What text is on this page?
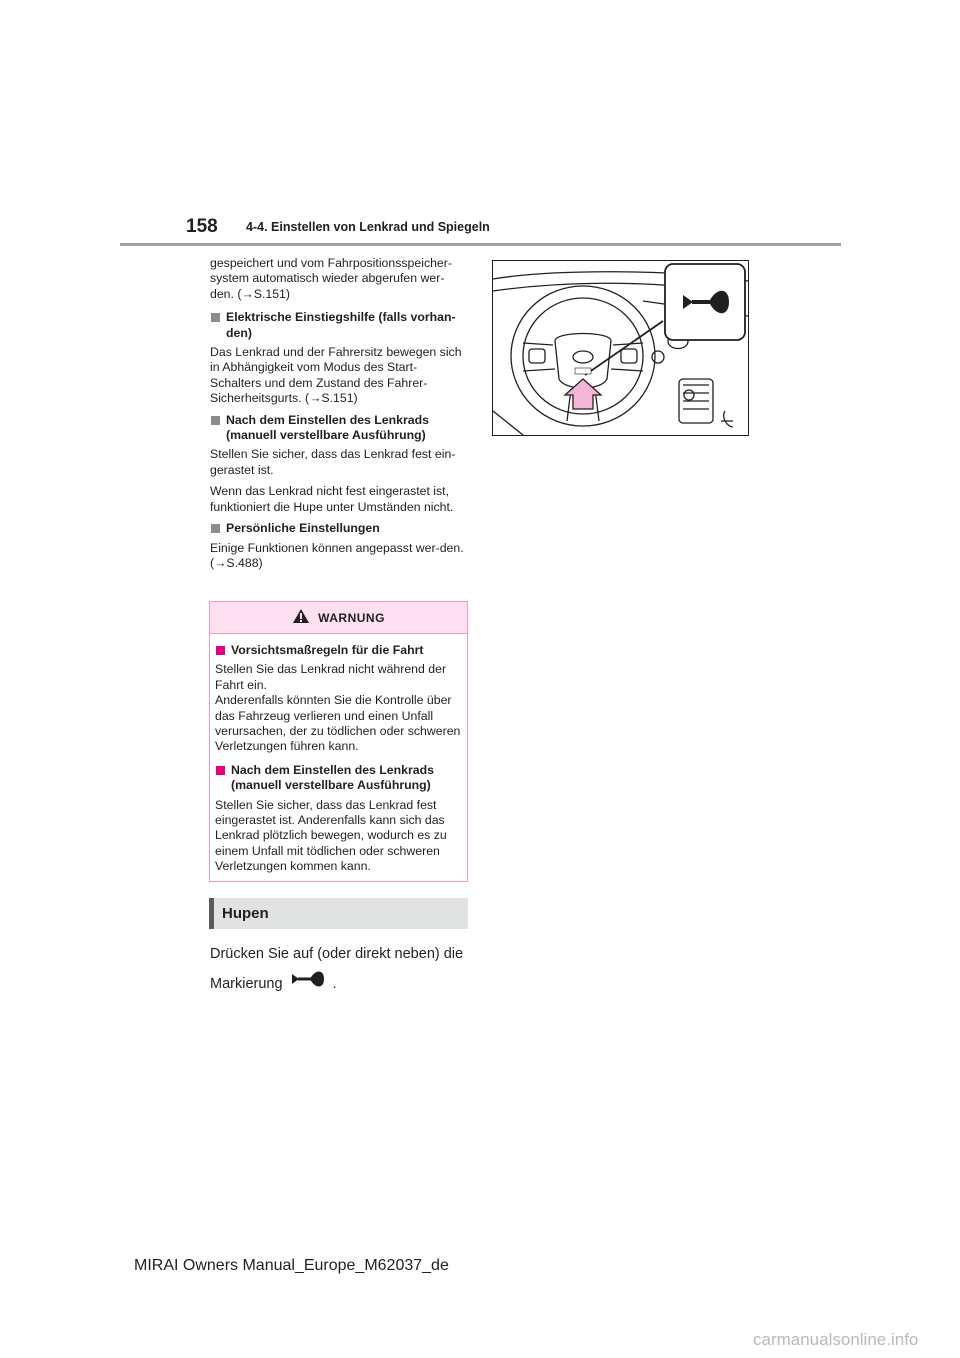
158 4-4. Einstellen von Lenkrad und Spiegeln

gespeichert und vom Fahrpositionsspeicher-system automatisch wieder abgerufen wer-den. (→S.151)

Elektrische Einstiegshilfe (falls vorhan-den)

Das Lenkrad und der Fahrersitz bewegen sich in Abhängigkeit vom Modus des Start-Schalters und dem Zustand des Fahrer-Sicherheitsgurts. (→S.151)

Nach dem Einstellen des Lenkrads (manuell verstellbare Ausführung)

Stellen Sie sicher, dass das Lenkrad fest ein-gerastet ist.

Wenn das Lenkrad nicht fest eingerastet ist, funktioniert die Hupe unter Umständen nicht.

Persönliche Einstellungen

Einige Funktionen können angepasst wer-den. (→S.488)

WARNUNG
Vorsichtsmaßregeln für die Fahrt

Stellen Sie das Lenkrad nicht während der Fahrt ein.

Anderenfalls könnten Sie die Kontrolle über das Fahrzeug verlieren und einen Unfall verursachen, der zu tödlichen oder schweren Verletzungen führen kann.

Nach dem Einstellen des Lenkrads (manuell verstellbare Ausführung)

Stellen Sie sicher, dass das Lenkrad fest eingerastet ist. Anderenfalls kann sich das Lenkrad plötzlich bewegen, wodurch es zu einem Unfall mit tödlichen oder schweren Verletzungen kommen kann.

Hupen
Drücken Sie auf (oder direkt neben) die
Markierung	.
MIRAI Owners Manual_Europe_M62037_de
carmanualsonline.info
